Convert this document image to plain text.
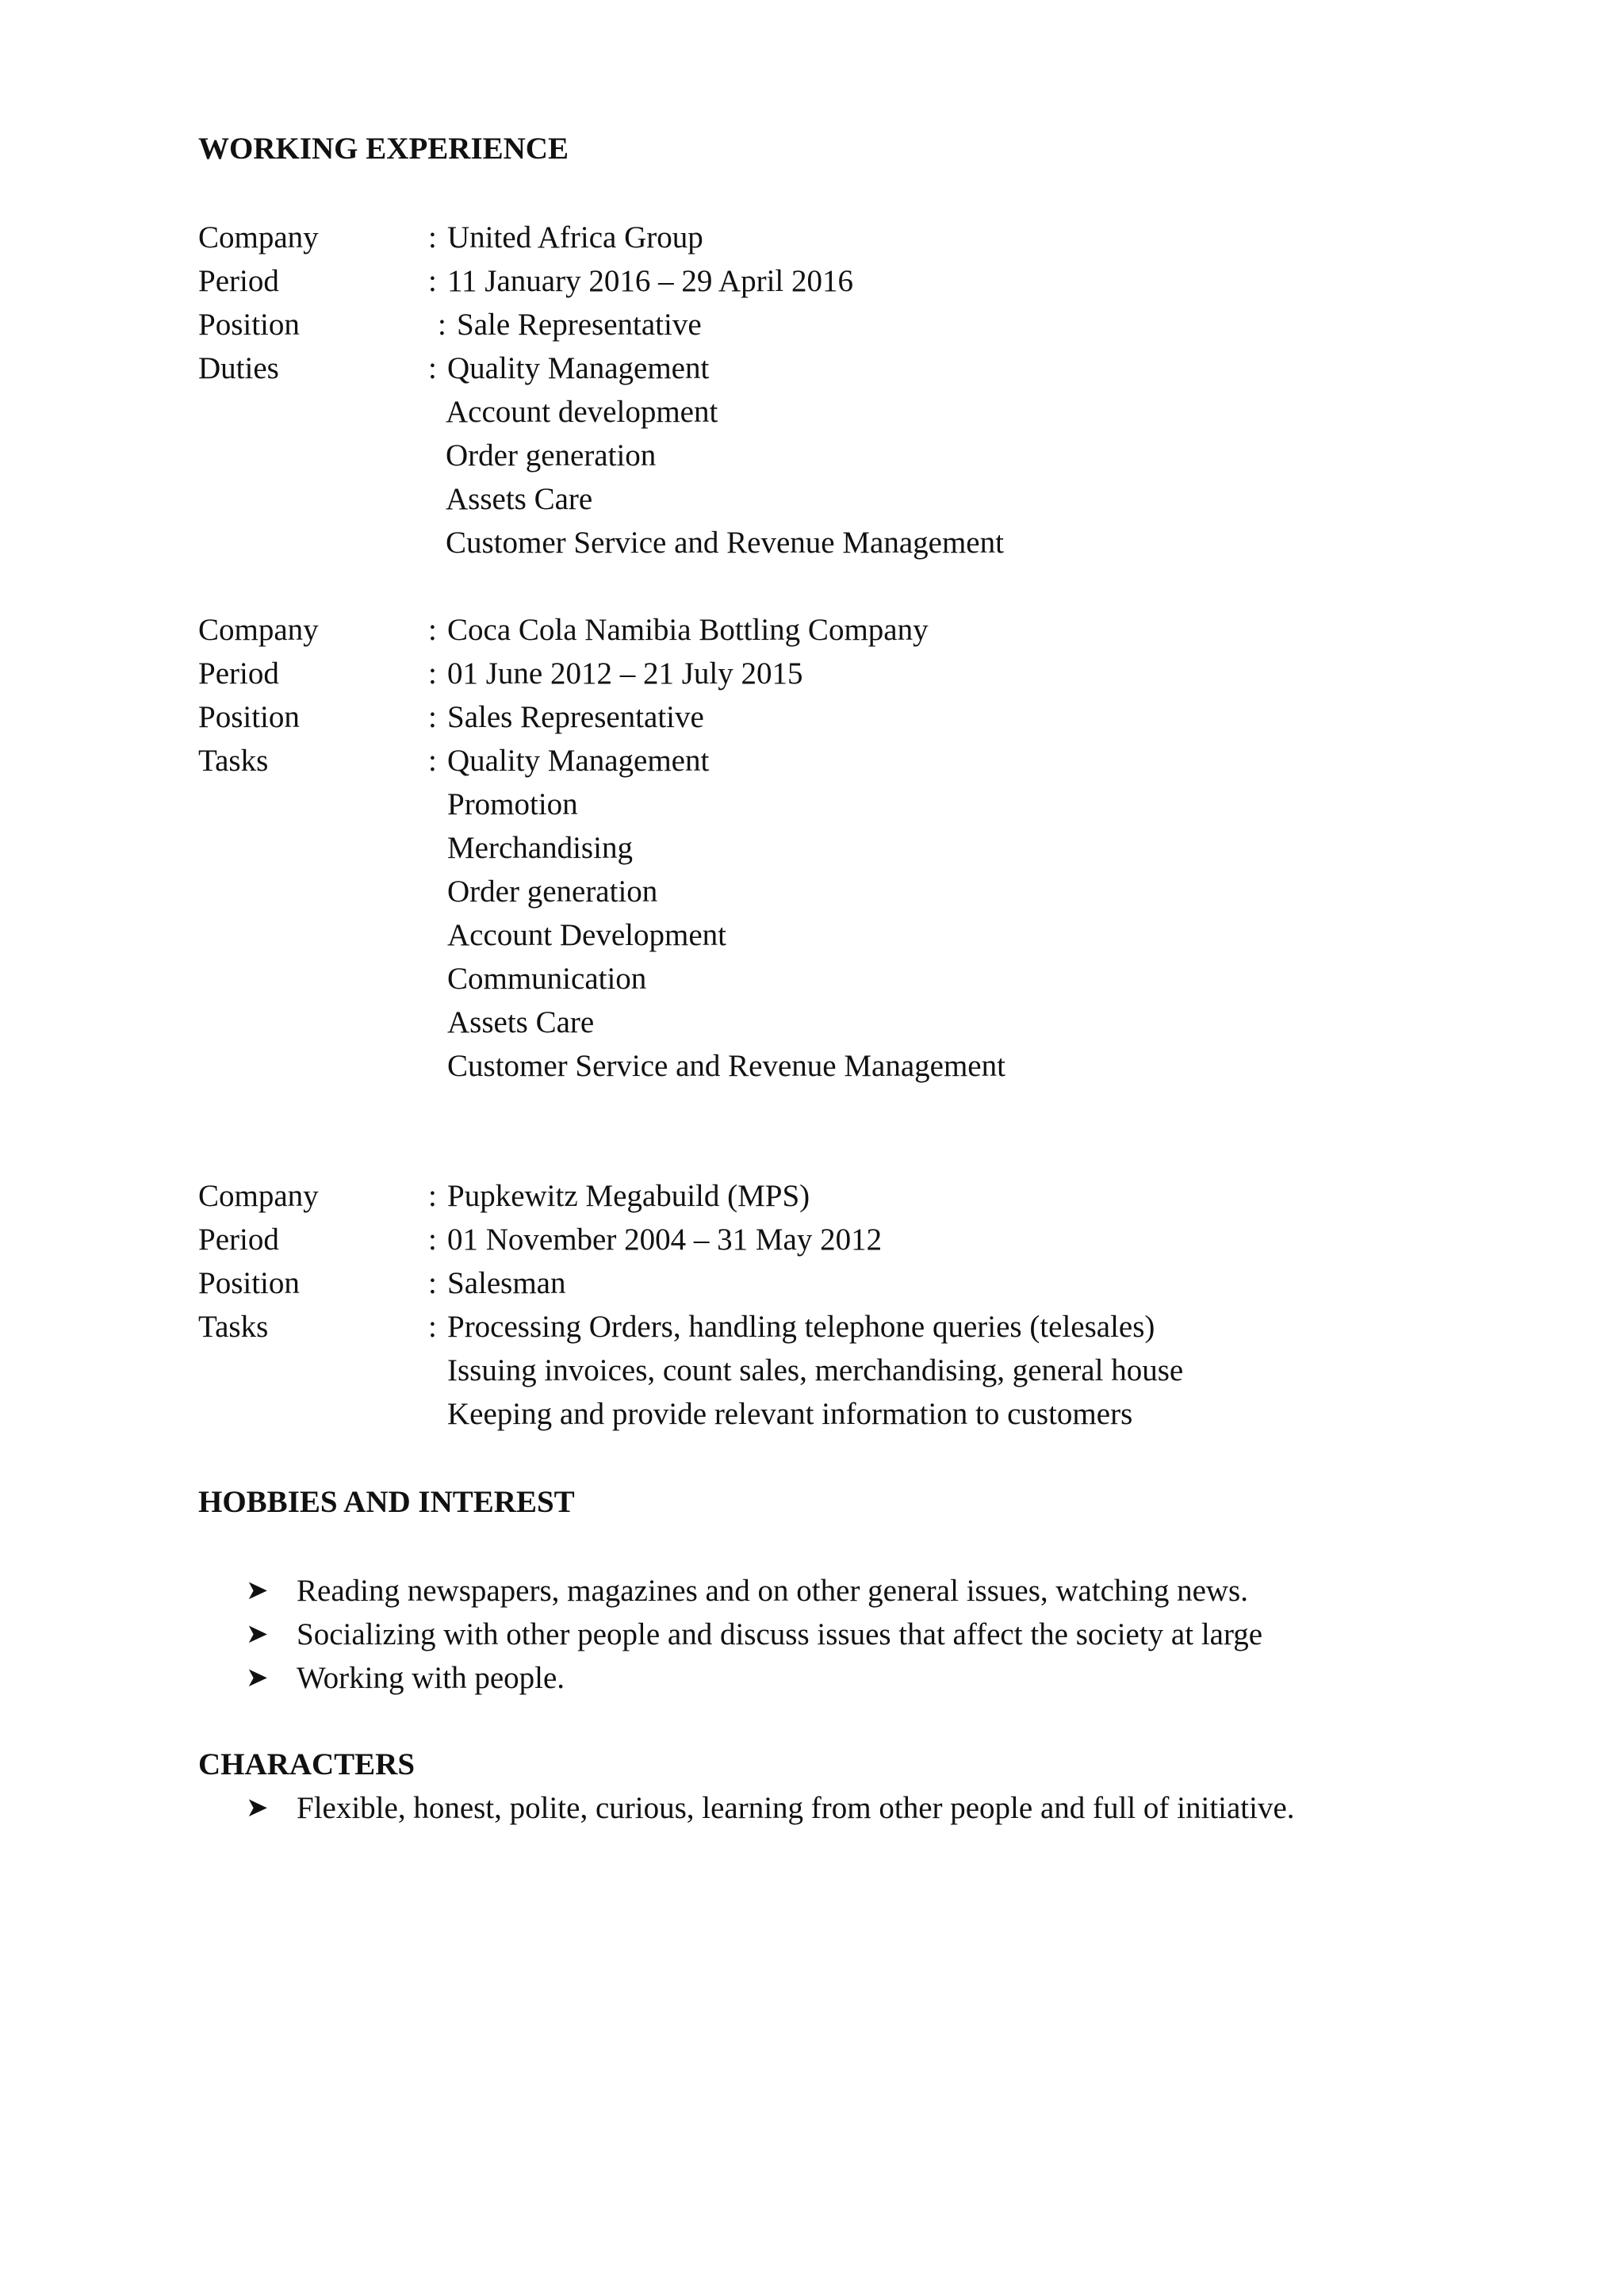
WORKING EXPERIENCE
Company	: United Africa Group
Period	: 11 January 2016 – 29 April 2016
Position	: Sale Representative
Duties	: Quality Management
Account development
Order generation
Assets Care
Customer Service and Revenue Management
Company	: Coca Cola Namibia Bottling Company
Period	: 01 June 2012 – 21 July 2015
Position	: Sales Representative
Tasks	: Quality Management
Promotion
Merchandising
Order generation
Account Development
Communication
Assets Care
Customer Service and Revenue Management
Company	: Pupkewitz Megabuild (MPS)
Period	: 01 November 2004 – 31 May 2012
Position	: Salesman
Tasks	: Processing Orders, handling telephone queries (telesales)
Issuing invoices, count sales, merchandising, general house
Keeping and provide relevant information to customers
HOBBIES AND INTEREST
➤ Reading newspapers, magazines and on other general issues, watching news.
➤ Socializing with other people and discuss issues that affect the society at large
➤ Working with people.
CHARACTERS
➤ Flexible, honest, polite, curious, learning from other people and full of initiative.
